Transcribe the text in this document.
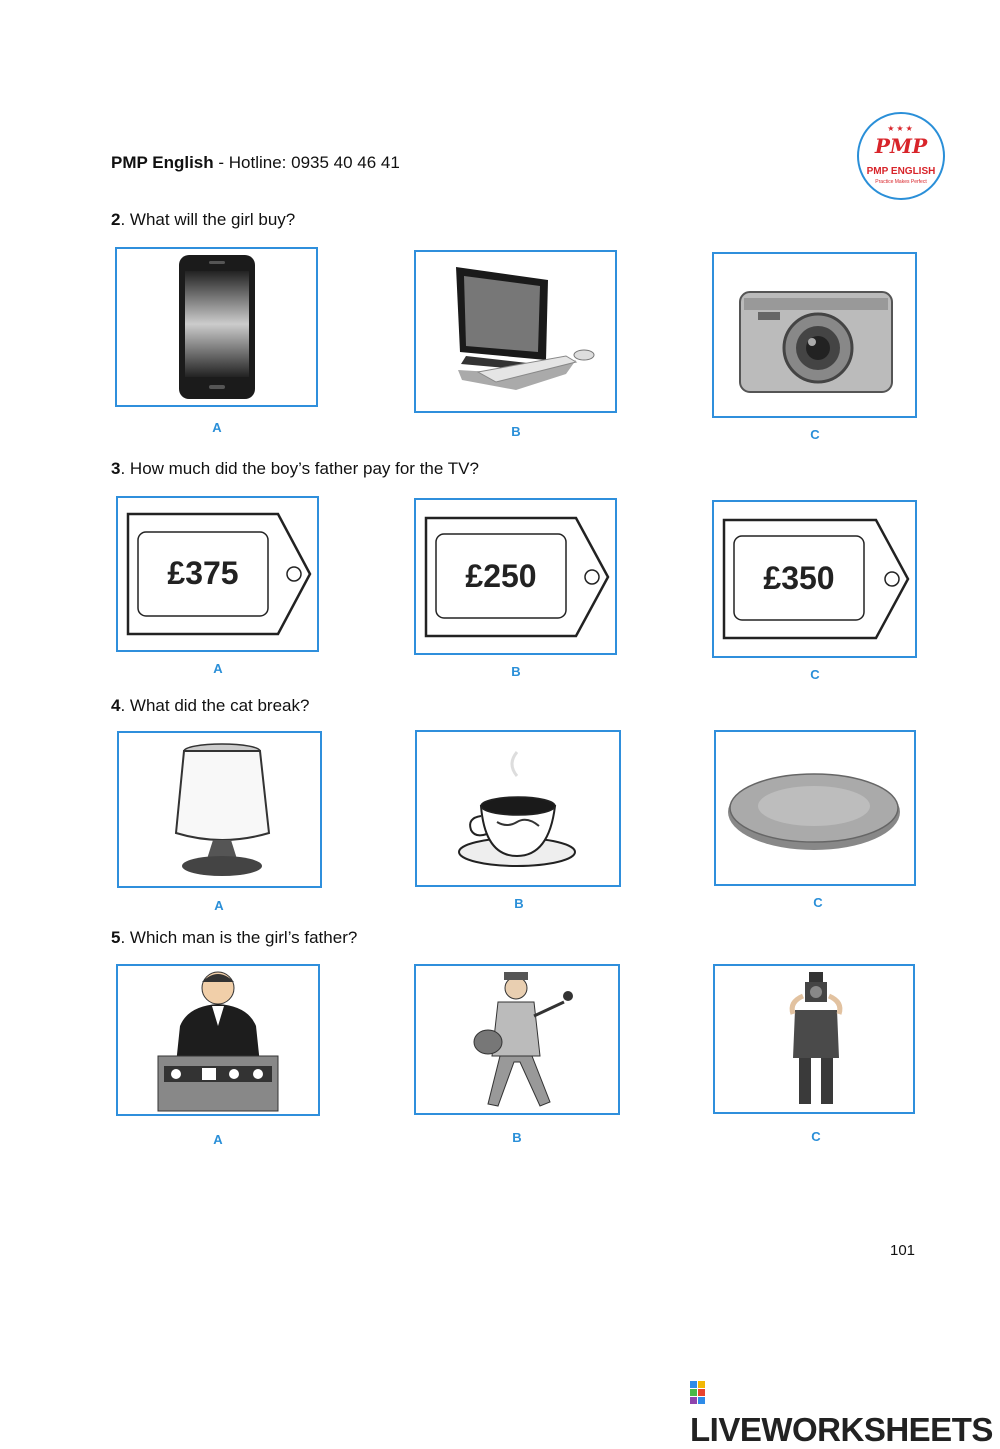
PMP English - Hotline: 0935 40 46 41
★★★
PMP
PMP ENGLISH
Practice Makes Perfect
2. What will the girl buy?
A	B	C
3. How much did the boy’s father pay for the TV?
£375	£250	£350
A	B	C
4. What did the cat break?
A	B	C
5. Which man is the girl’s father?
A	B	C
101
LIVEWORKSHEETS
